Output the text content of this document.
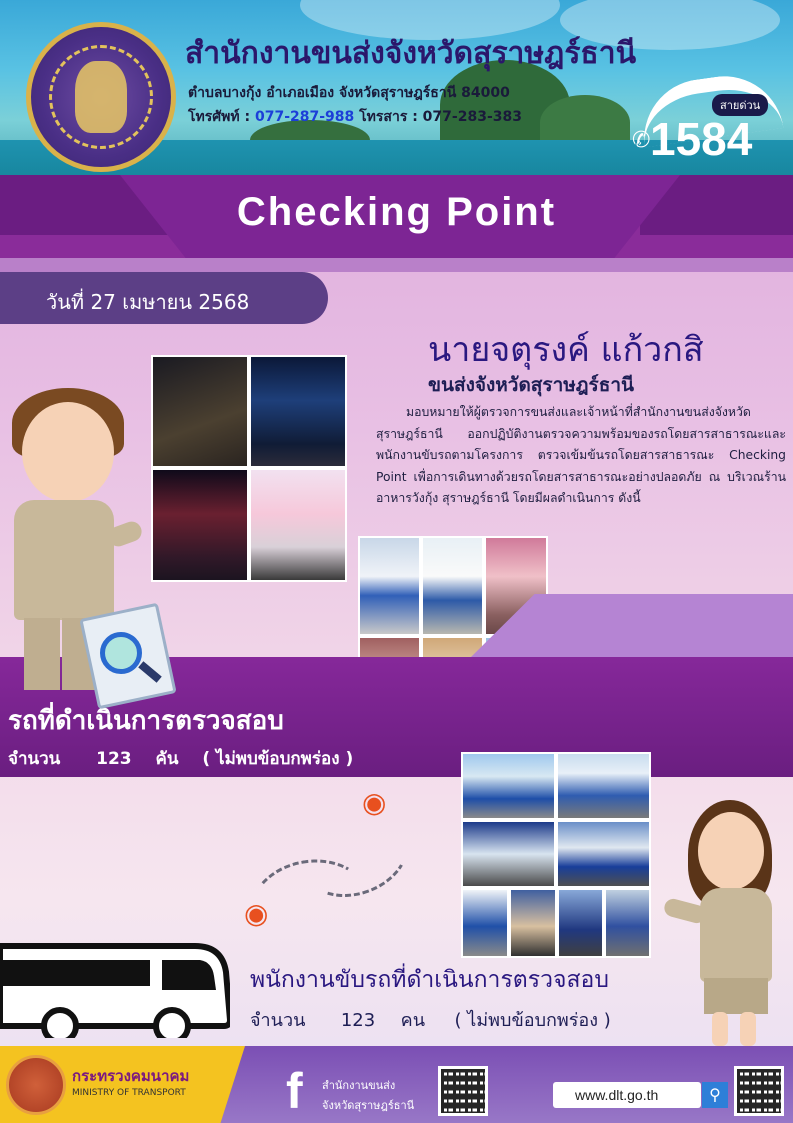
สำนักงานขนส่งจังหวัดสุราษฎร์ธานี
ตำบลบางกุ้ง อำเภอเมือง จังหวัดสุราษฎร์ธานี 84000
โทรศัพท์ : 077-287-988 โทรสาร : 077-283-383
สายด่วน
✆ 1584
Checking Point
วันที่ 27 เมษายน 2568
นายจตุรงค์ แก้วกสิ
ขนส่งจังหวัดสุราษฎร์ธานี
มอบหมายให้ผู้ตรวจการขนส่งและเจ้าหน้าที่สำนักงานขนส่งจังหวัดสุราษฎร์ธานี ออกปฏิบัติงานตรวจความพร้อมของรถโดยสารสาธารณะและพนักงานขับรถตามโครงการ ตรวจเข้มข้นรถโดยสารสาธารณะ Checking Point เพื่อการเดินทางด้วยรถโดยสารสาธารณะอย่างปลอดภัย ณ บริเวณร้านอาหารวังกุ้ง สุราษฎร์ธานี โดยมีผลดำเนินการ ดังนี้
รถที่ดำเนินการตรวจสอบ
จำนวน 123 คัน ( ไม่พบข้อบกพร่อง )
◉
◉
พนักงานขับรถที่ดำเนินการตรวจสอบ
จำนวน 123 คน ( ไม่พบข้อบกพร่อง )
กระทรวงคมนาคม
MINISTRY OF TRANSPORT f	สำนักงานขนส่ง
จังหวัดสุราษฎร์ธานี
www.dlt.go.th	⚲
